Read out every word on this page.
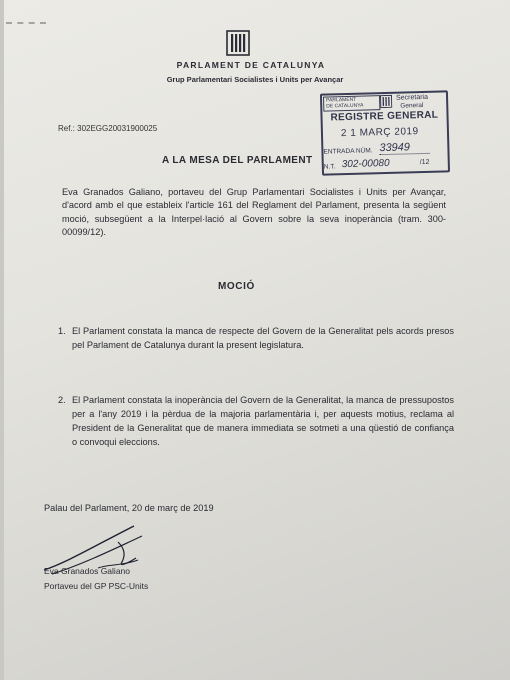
PARLAMENT DE CATALUNYA
Grup Parlamentari Socialistes i Units per Avançar
Ref.: 302EGG20031900025
PARLAMENT
DE CATALUNYA
Secretaria
General
REGISTRE GENERAL
2 1 MARÇ 2019
ENTRADA NÚM. 33949
N.T. 302-00080	/12
A LA MESA DEL PARLAMENT
Eva Granados Galiano, portaveu del Grup Parlamentari Socialistes i Units per Avançar, d'acord amb el que estableix l'article 161 del Reglament del Parlament, presenta la següent moció, subsegüent a la Interpel·lació al Govern sobre la seva inoperància (tram. 300-00099/12).
MOCIÓ
1. El Parlament constata la manca de respecte del Govern de la Generalitat pels acords presos pel Parlament de Catalunya durant la present legislatura.
2. El Parlament constata la inoperància del Govern de la Generalitat, la manca de pressupostos per a l'any 2019 i la pèrdua de la majoria parlamentària i, per aquests motius, reclama al President de la Generalitat que de manera immediata se sotmeti a una qüestió de confiança o convoqui eleccions.
Palau del Parlament, 20 de març de 2019
Eva Granados Galiano
Portaveu del GP PSC-Units
